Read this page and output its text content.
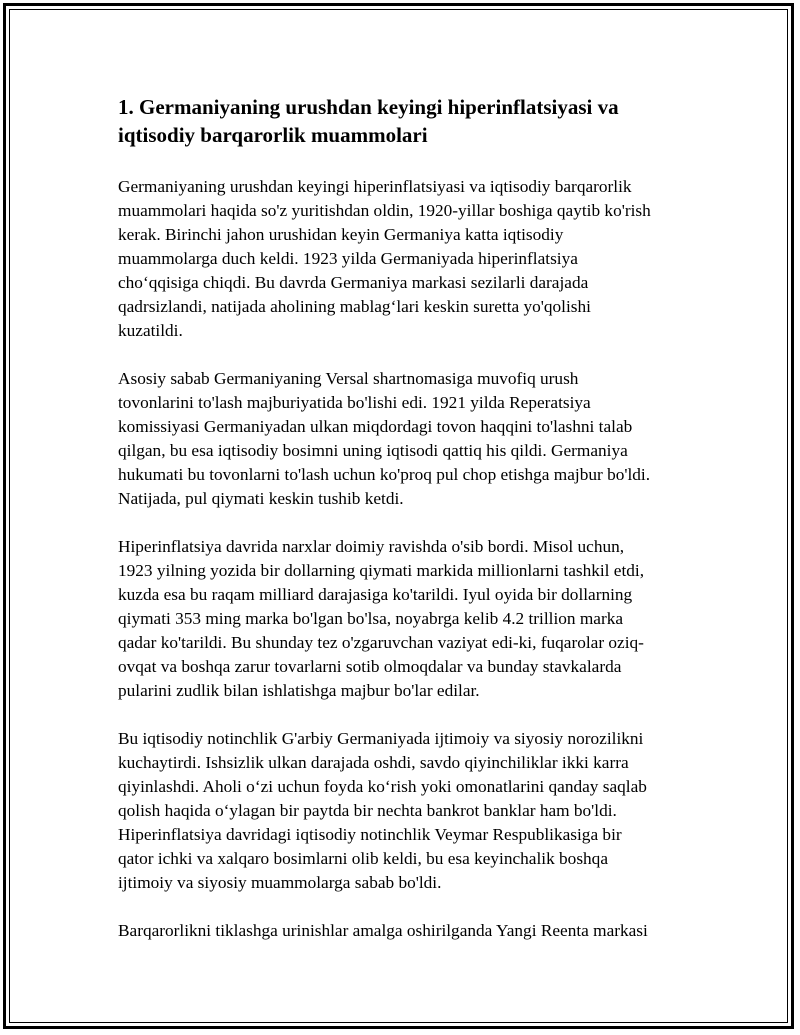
1. Germaniyaning urushdan keyingi hiperinflatsiyasi va
iqtisodiy barqarorlik muammolari
Germaniyaning urushdan keyingi hiperinflatsiyasi va iqtisodiy barqarorlik
muammolari haqida so'z yuritishdan oldin, 1920-yillar boshiga qaytib ko'rish
kerak. Birinchi jahon urushidan keyin Germaniya katta iqtisodiy
muammolarga duch keldi. 1923 yilda Germaniyada hiperinflatsiya
cho‘qqisiga chiqdi. Bu davrda Germaniya markasi sezilarli darajada
qadrsizlandi, natijada aholining mablag‘lari keskin suretta yo'qolishi
kuzatildi.
Asosiy sabab Germaniyaning Versal shartnomasiga muvofiq urush
tovonlarini to'lash majburiyatida bo'lishi edi. 1921 yilda Reperatsiya
komissiyasi Germaniyadan ulkan miqdordagi tovon haqqini to'lashni talab
qilgan, bu esa iqtisodiy bosimni uning iqtisodi qattiq his qildi. Germaniya
hukumati bu tovonlarni to'lash uchun ko'proq pul chop etishga majbur bo'ldi.
Natijada, pul qiymati keskin tushib ketdi.
Hiperinflatsiya davrida narxlar doimiy ravishda o'sib bordi. Misol uchun,
1923 yilning yozida bir dollarning qiymati markida millionlarni tashkil etdi,
kuzda esa bu raqam milliard darajasiga ko'tarildi. Iyul oyida bir dollarning
qiymati 353 ming marka bo'lgan bo'lsa, noyabrga kelib 4.2 trillion marka
qadar ko'tarildi. Bu shunday tez o'zgaruvchan vaziyat edi-ki, fuqarolar oziq-
ovqat va boshqa zarur tovarlarni sotib olmoqdalar va bunday stavkalarda
pularini zudlik bilan ishlatishga majbur bo'lar edilar.
Bu iqtisodiy notinchlik G'arbiy Germaniyada ijtimoiy va siyosiy norozilikni
kuchaytirdi. Ishsizlik ulkan darajada oshdi, savdo qiyinchiliklar ikki karra
qiyinlashdi. Aholi o‘zi uchun foyda ko‘rish yoki omonatlarini qanday saqlab
qolish haqida o‘ylagan bir paytda bir nechta bankrot banklar ham bo'ldi.
Hiperinflatsiya davridagi iqtisodiy notinchlik Veymar Respublikasiga bir
qator ichki va xalqaro bosimlarni olib keldi, bu esa keyinchalik boshqa
ijtimoiy va siyosiy muammolarga sabab bo'ldi.
Barqarorlikni tiklashga urinishlar amalga oshirilganda Yangi Reenta markasi
